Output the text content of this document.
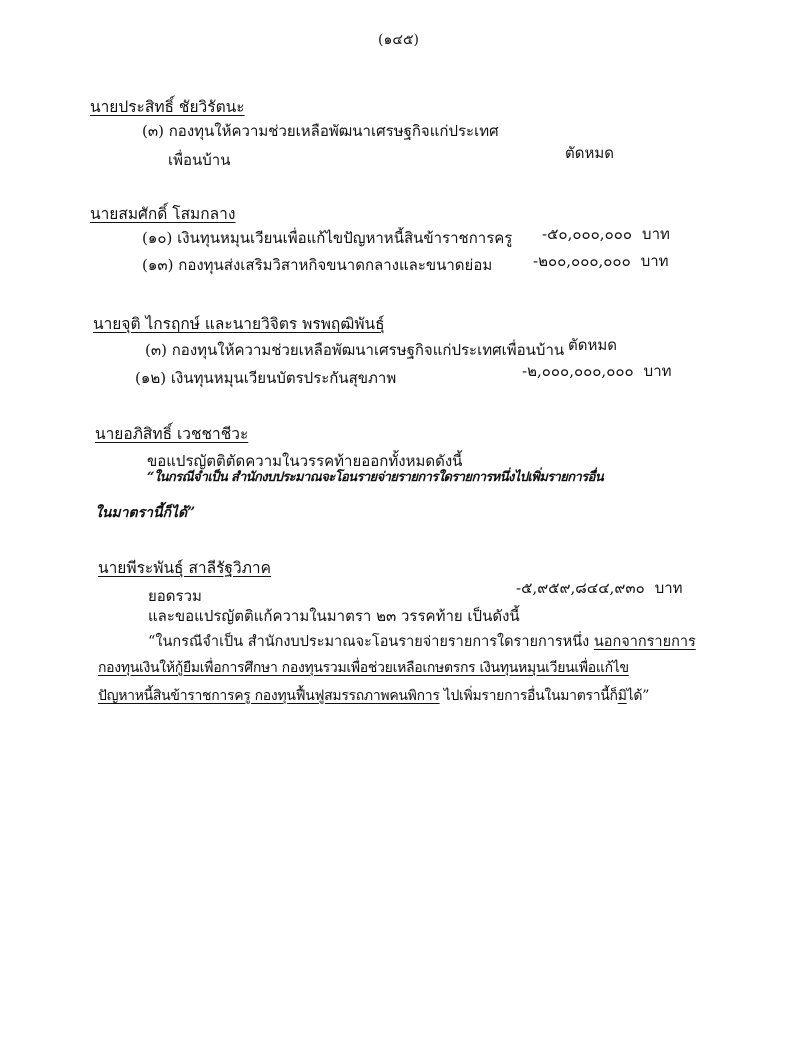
(๑๔๕)
นายประสิทธิ์ ชัยวิรัตนะ
(๓) กองทุนให้ความช่วยเหลือพัฒนาเศรษฐกิจแก่ประเทศ
เพื่อนบ้าน	ตัดหมด
นายสมศักดิ์ โสมกลาง
(๑๐) เงินทุนหมุนเวียนเพื่อแก้ไขปัญหาหนี้สินข้าราชการครู -๕๐,๐๐๐,๐๐๐ บาท
(๑๓) กองทุนส่งเสริมวิสาหกิจขนาดกลางและขนาดย่อม	-๒๐๐,๐๐๐,๐๐๐ บาท
นายจุติ ไกรฤกษ์ และนายวิจิตร พรพฤฒิพันธุ์
(๓) กองทุนให้ความช่วยเหลือพัฒนาเศรษฐกิจแก่ประเทศเพื่อนบ้าน ตัดหมด
(๑๒) เงินทุนหมุนเวียนบัตรประกันสุขภาพ	-๒,๐๐๐,๐๐๐,๐๐๐ บาท
นายอภิสิทธิ์ เวชชาชีวะ
ขอแปรญัตติตัดความในวรรคท้ายออกทั้งหมดดังนี้
“ในกรณีจำเป็น สำนักงบประมาณจะโอนรายจ่ายรายการใดรายการหนึ่งไปเพิ่มรายการอื่น
ในมาตรานี้ก็ได้”
นายพีระพันธุ์ สาลีรัฐวิภาค
ยอดรวม	-๕,๙๕๙,๘๔๔,๙๓๐ บาท
และขอแปรญัตติแก้ความในมาตรา ๒๓ วรรคท้าย เป็นดังนี้
“ในกรณีจำเป็น สำนักงบประมาณจะโอนรายจ่ายรายการใดรายการหนึ่ง นอกจากรายการ
กองทุนเงินให้กู้ยืมเพื่อการศึกษา กองทุนรวมเพื่อช่วยเหลือเกษตรกร เงินทุนหมุนเวียนเพื่อแก้ไข
ปัญหาหนี้สินข้าราชการครู กองทุนฟื้นฟูสมรรถภาพคนพิการ ไปเพิ่มรายการอื่นในมาตรานี้ก็มิได้”
